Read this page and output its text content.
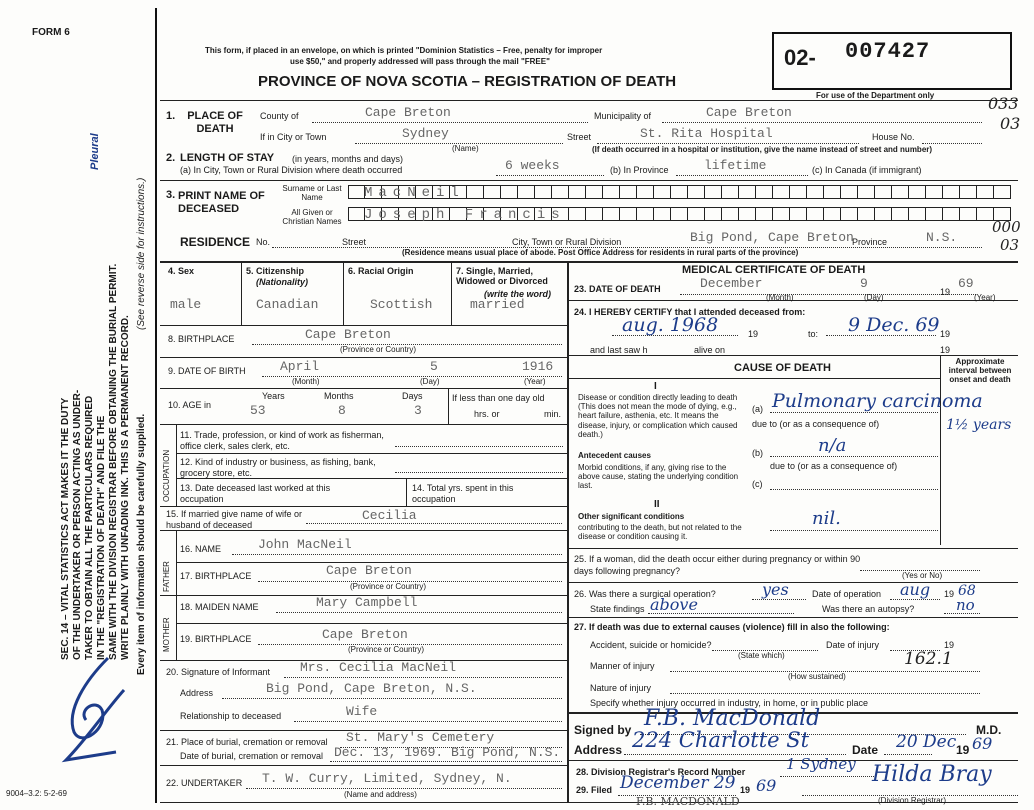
FORM 6
This form, if placed in an envelope, on which is printed "Dominion Statistics – Free, penalty for improper
use $50," and properly addressed will pass through the mail "FREE"
PROVINCE OF NOVA SCOTIA – REGISTRATION OF DEATH
02- 007427
For use of the Department only	033
03
000
03
SEC. 14 – VITAL STATISTICS ACT MAKES IT THE DUTY OF THE UNDERTAKER OR PERSON ACTING AS UNDER- TAKER TO OBTAIN ALL THE PARTICULARS REQUIRED IN THE "REGISTRATION OF DEATH" AND FILE THE SAME WITH THE DIVISION REGISTRAR BEFORE OBTAINING THE BURIAL PERMIT. WRITE PLAINLY WITH UNFADING INK. THIS IS A PERMANENT RECORD. Every item of information should be carefully supplied.
(See reverse side for instructions.)
Pleural
9004–3.2: 5-2-69
1.	PLACE OF DEATH
County of	Cape Breton	Municipality of	Cape Breton
If in City or Town	Sydney
(Name)
Street	St. Rita Hospital	House No.
(If death occurred in a hospital or institution, give the name instead of street and number)
2. LENGTH OF STAY (in years, months and days)
(a) In City, Town or Rural Division where death occurred	6 weeks	(b) In Province	lifetime	(c) In Canada (if immigrant)
3. PRINT NAME OF DECEASED
Surname or Last Name
All Given or Christian Names
MacNeil
Joseph Francis
RESIDENCE No.	Street	City, Town or Rural Division	Big Pond, Cape Breton
Province	N.S.
(Residence means usual place of abode. Post Office Address for residents in rural parts of the province)
4. Sex
male
5. Citizenship
(Nationality)
Canadian
6. Racial Origin
Scottish
7. Single, Married, Widowed or Divorced
(write the word)
married
8. BIRTHPLACE	Cape Breton
(Province or Country)
9. DATE OF BIRTH	April	5	1916
(Month)	(Day)	(Year)
10. AGE in
Years
53
Months
8
Days
3
If less than one day old
hrs. or	min.
OCCUPATION
11. Trade, profession, or kind of work as fisherman, office clerk, sales clerk, etc.
12. Kind of industry or business, as fishing, bank, grocery store, etc.
13. Date deceased last worked at this occupation
14. Total yrs. spent in this occupation
15. If married give name of wife or husband of deceased
Cecilia
FATHER
16. NAME	John MacNeil
17. BIRTHPLACE	Cape Breton
(Province or Country)
MOTHER
18. MAIDEN NAME	Mary Campbell
19. BIRTHPLACE	Cape Breton
(Province or Country)
20. Signature of Informant Mrs. Cecilia MacNeil
Address	Big Pond, Cape Breton, N.S.
Relationship to deceased	Wife
21. Place of burial, cremation or removal St. Mary's Cemetery
Date of burial, cremation or removal Dec. 13, 1969. Big Pond, N.S.
22. UNDERTAKER T. W. Curry, Limited, Sydney, N.
(Name and address)
MEDICAL CERTIFICATE OF DEATH
23. DATE OF DEATH	December	9
19
69
(Month)	(Day)	(Year)
24. I HEREBY CERTIFY that I attended deceased from:
aug. 1968	19	to: 9 Dec. 69 19
and last saw h	alive on	19
CAUSE OF DEATH
Approximate interval between onset and death
I
Disease or condition directly leading to death (This does not mean the mode of dying, e.g., heart failure, asthenia, etc. It means the disease, injury, or complication which caused death.)
(a) Pulmonary carcinoma
1½ years
due to (or as a consequence of)
Antecedent causes
Morbid conditions, if any, giving rise to the above cause, stating the underlying condition last.
(b)	n/a
due to (or as a consequence of)
(c)
II
Other significant conditions
contributing to the death, but not related to the disease or condition causing it.
nil.
25. If a woman, did the death occur either during pregnancy or within 90 days following pregnancy?	(Yes or No)
26. Was there a surgical operation?	yes	Date of operation aug 19 68
State findings above	Was there an autopsy?	no
27. If death was due to external causes (violence) fill in also the following:
Accident, suicide or homicide?	Date of injury	19
(State which)	162.1
Manner of injury
(How sustained)
Nature of injury
Specify whether injury occurred in industry, in home, or in public place
Signed by F.B. MacDonald	M.D.
Address 224 Charlotte St	Date 20 Dec 19 69
28. Division Registrar's Record Number	1 Sydney
29. Filed December 29 19 69	Hilda Bray
(Division Registrar)
F.B. MACDONALD
